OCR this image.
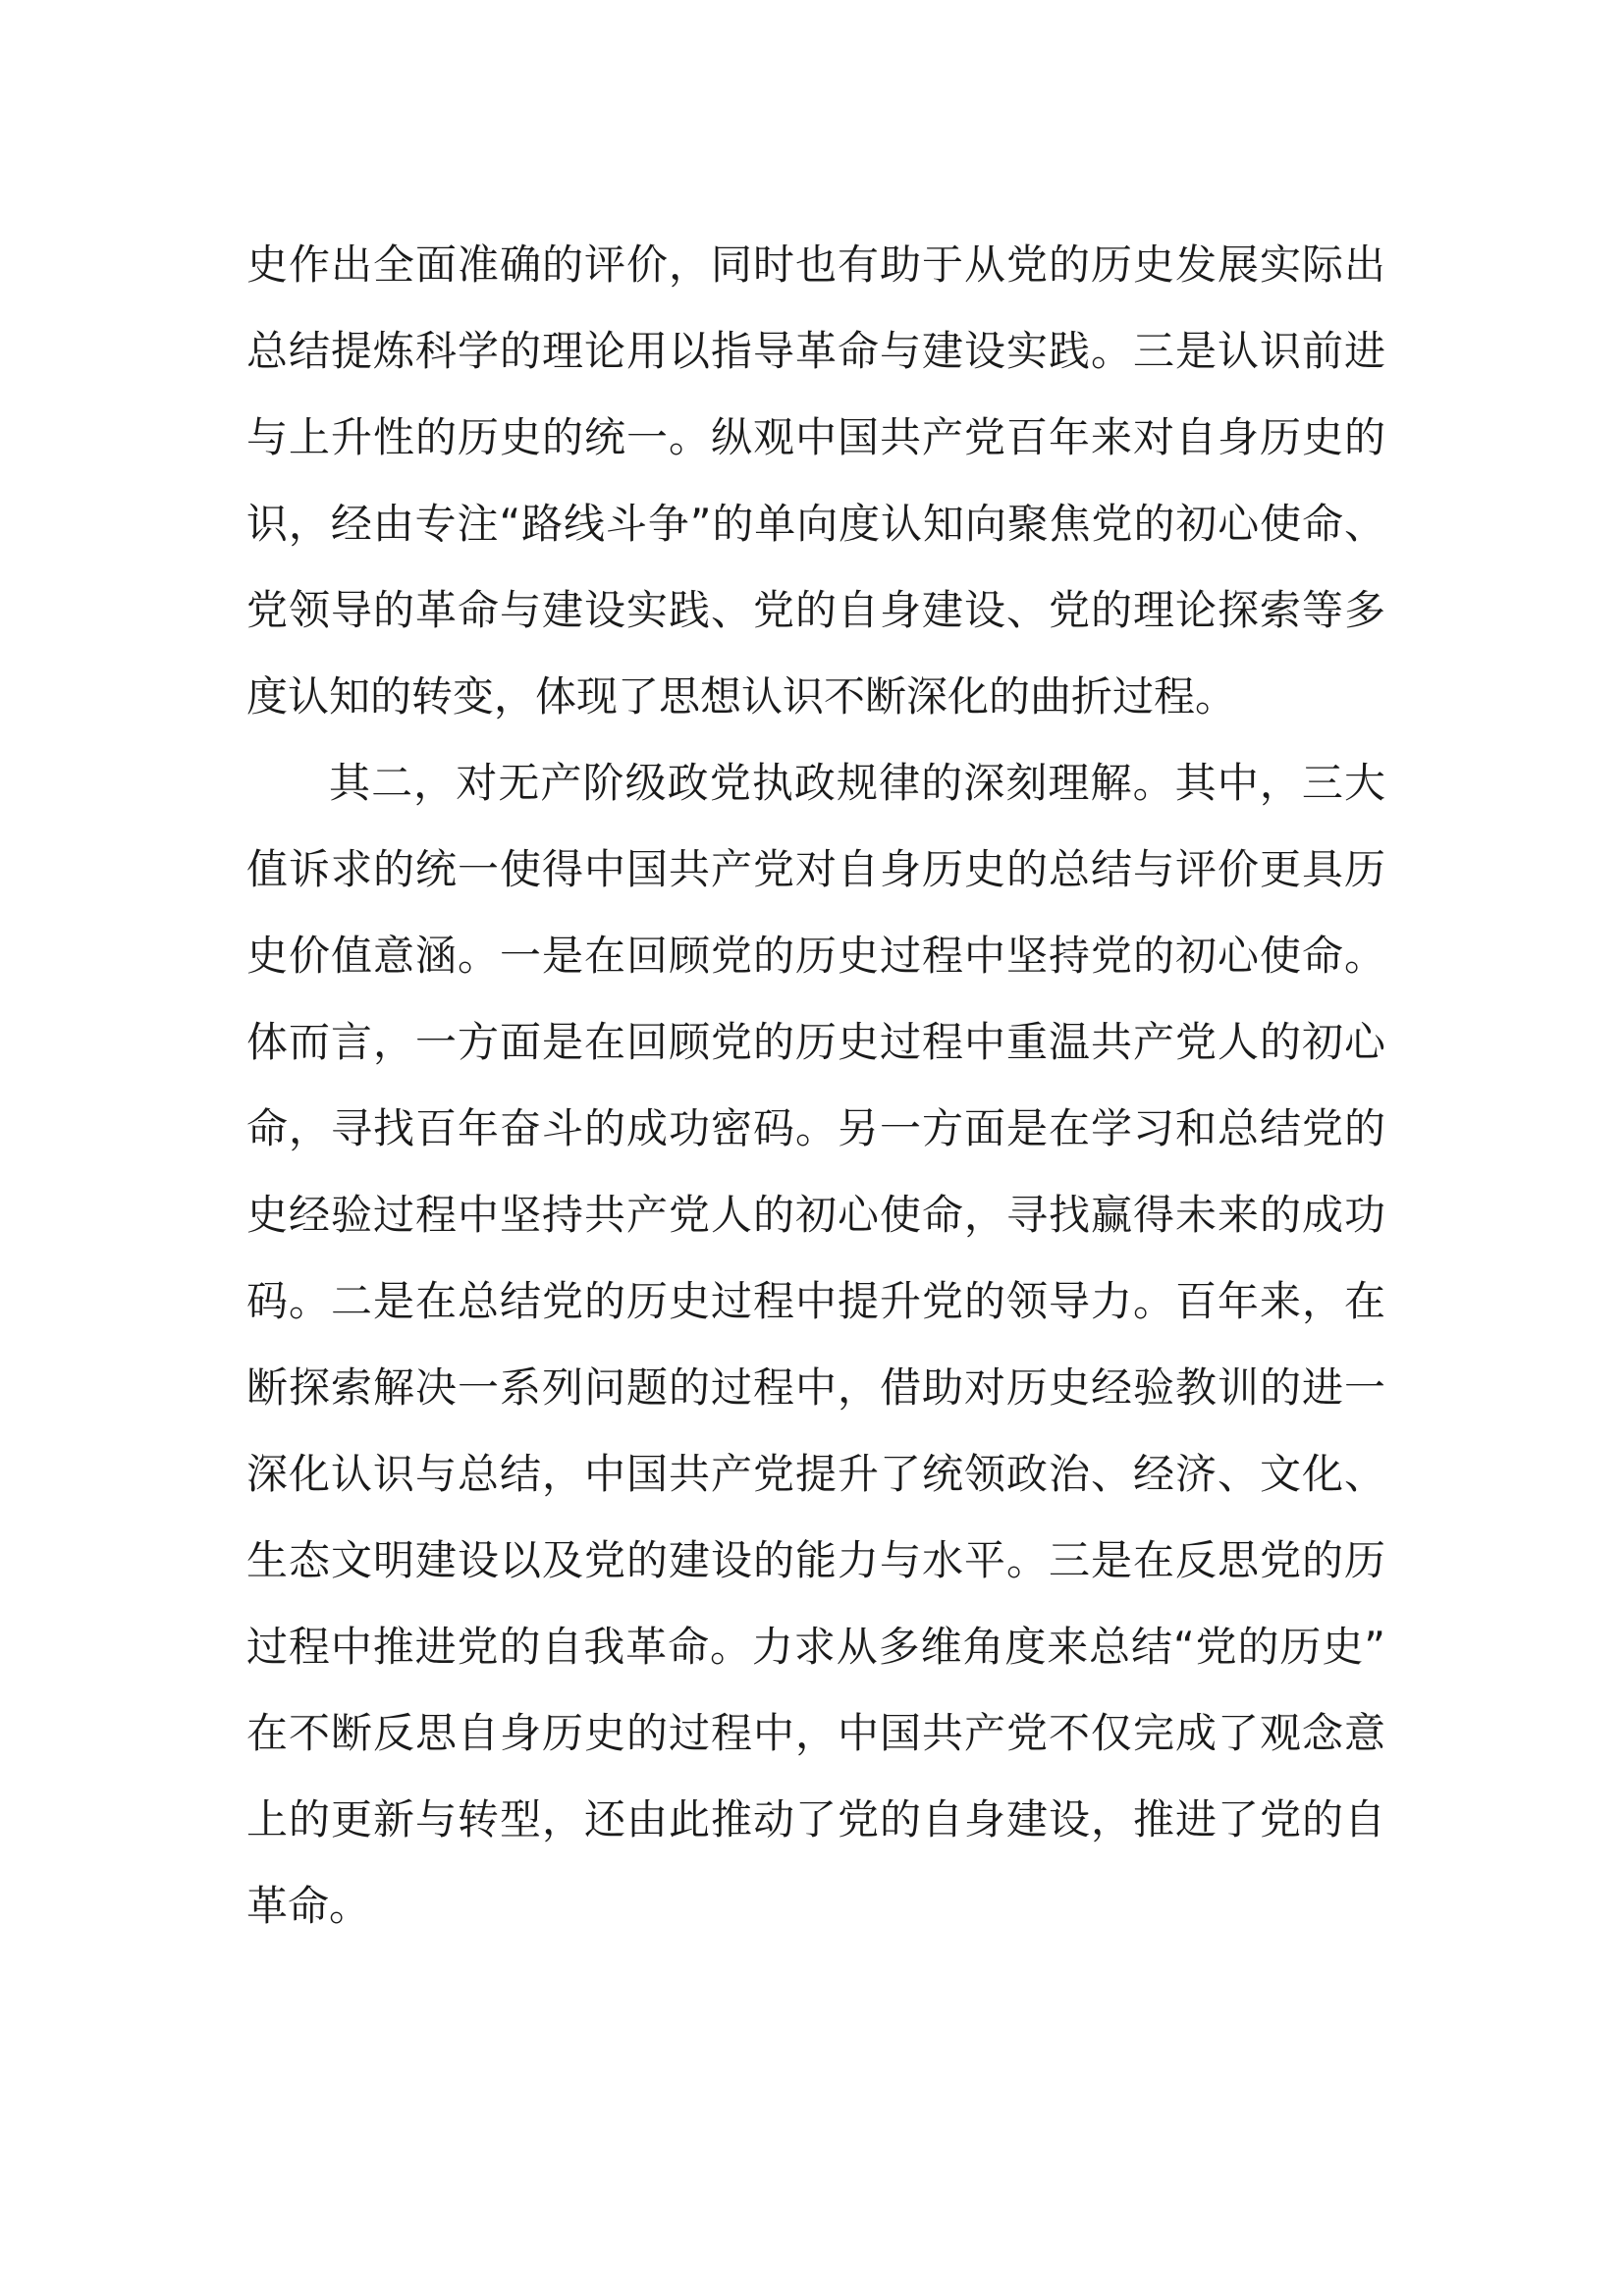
史作出全面准确的评价，同时也有助于从党的历史发展实际出
总结提炼科学的理论用以指导革命与建设实践。三是认识前进
与上升性的历史的统一。纵观中国共产党百年来对自身历史的
识，经由专注“路线斗争”的单向度认知向聚焦党的初心使命、
党领导的革命与建设实践、党的自身建设、党的理论探索等多
度认知的转变，体现了思想认识不断深化的曲折过程。
其二，对无产阶级政党执政规律的深刻理解。其中，三大
值诉求的统一使得中国共产党对自身历史的总结与评价更具历
史价值意涵。一是在回顾党的历史过程中坚持党的初心使命。
体而言，一方面是在回顾党的历史过程中重温共产党人的初心
命，寻找百年奋斗的成功密码。另一方面是在学习和总结党的
史经验过程中坚持共产党人的初心使命，寻找赢得未来的成功
码。二是在总结党的历史过程中提升党的领导力。百年来，在
断探索解决一系列问题的过程中，借助对历史经验教训的进一
深化认识与总结，中国共产党提升了统领政治、经济、文化、
生态文明建设以及党的建设的能力与水平。三是在反思党的历
过程中推进党的自我革命。力求从多维角度来总结“党的历史”
在不断反思自身历史的过程中，中国共产党不仅完成了观念意
上的更新与转型，还由此推动了党的自身建设，推进了党的自
革命。
